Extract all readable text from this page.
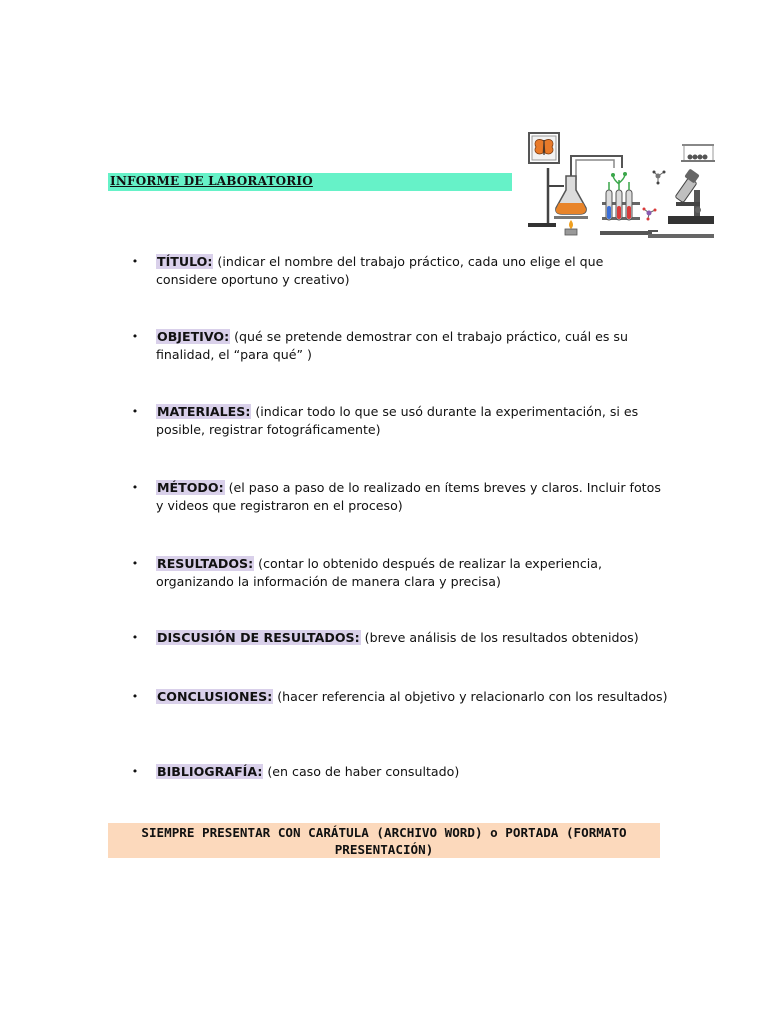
INFORME DE LABORATORIO
• TÍTULO: (indicar el nombre del trabajo práctico, cada uno elige el que considere oportuno y creativo)
• OBJETIVO: (qué se pretende demostrar con el trabajo práctico, cuál es su finalidad, el “para qué” )
• MATERIALES: (indicar todo lo que se usó durante la experimentación, si es posible, registrar fotográficamente)
• MÉTODO: (el paso a paso de lo realizado en ítems breves y claros. Incluir fotos y videos que registraron en el proceso)
• RESULTADOS: (contar lo obtenido después de realizar la experiencia, organizando la información de manera clara y precisa)
• DISCUSIÓN DE RESULTADOS: (breve análisis de los resultados obtenidos)
• CONCLUSIONES: (hacer referencia al objetivo y relacionarlo con los resultados)
• BIBLIOGRAFÍA: (en caso de haber consultado)
SIEMPRE PRESENTAR CON CARÁTULA (ARCHIVO WORD) o PORTADA (FORMATO PRESENTACIÓN)
